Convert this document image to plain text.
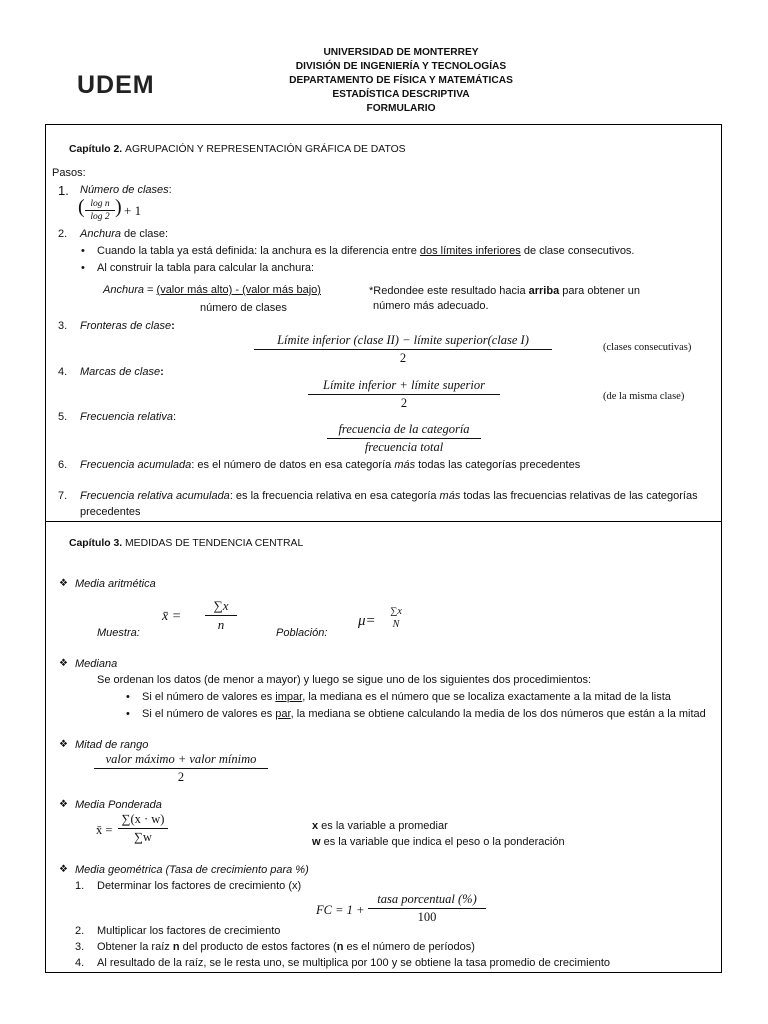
UDEM
UNIVERSIDAD DE MONTERREY
DIVISIÓN DE INGENIERÍA Y TECNOLOGÍAS
DEPARTAMENTO DE FÍSICA Y MATEMÁTICAS
ESTADÍSTICA DESCRIPTIVA
FORMULARIO
Capítulo 2. AGRUPACIÓN Y REPRESENTACIÓN GRÁFICA DE DATOS
Pasos:
1. Número de clases:
( $\frac{\text{log n}}{\log 2}$ ) + 1
2. Anchura de clase:
• Cuando la tabla ya está definida: la anchura es la diferencia entre dos límites inferiores de clase consecutivos.
• Al construir la tabla para calcular la anchura:
Anchura = (valor más alto) - (valor más bajo)
número de clases
*Redondee este resultado hacia arriba para obtener un
número más adecuado.
3. Fronteras de clase:
Límite inferior (clase II) − límite superior(clase I)
2
(clases consecutivas)
4. Marcas de clase:
Límite inferior + límite superior
2	(de la misma clase)
5. Frecuencia relativa:
frecuencia de la categoría
frecuencia total
6. Frecuencia acumulada: es el número de datos en esa categoría más todas las categorías precedentes
7. Frecuencia relativa acumulada: es la frecuencia relativa en esa categoría más todas las frecuencias relativas de las categorías
precedentes
Capítulo 3. MEDIDAS DE TENDENCIA CENTRAL
❖ Media aritmética
Muestra:
x̄ = $\frac{\sum x}{n}$	Población:
μ=
∑x
N
❖ Mediana
Se ordenan los datos (de menor a mayor) y luego se sigue uno de los siguientes dos procedimientos:
• Si el número de valores es impar, la mediana es el número que se localiza exactamente a la mitad de la lista
• Si el número de valores es par, la mediana se obtiene calculando la media de los dos números que están a la mitad
❖ Mitad de rango
valor máximo + valor mínimo
2
❖ Media Ponderada
x̄ = $\frac{\sum(x \cdot w)}{\sum w}$	x es la variable a promediar
w es la variable que indica el peso o la ponderación
❖ Media geométrica (Tasa de crecimiento para %)
1. Determinar los factores de crecimiento (x)
FC = 1 +
tasa porcentual (%)
100
2. Multiplicar los factores de crecimiento
3. Obtener la raíz n del producto de estos factores (n es el número de períodos)
4. Al resultado de la raíz, se le resta uno, se multiplica por 100 y se obtiene la tasa promedio de crecimiento
